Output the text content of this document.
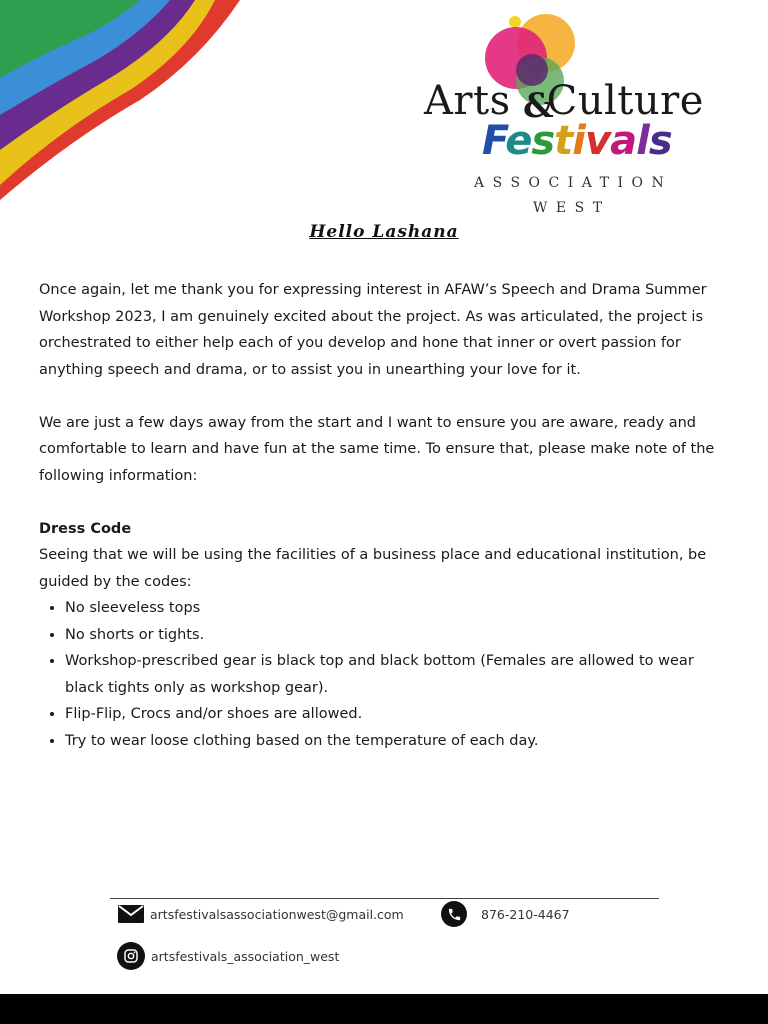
Arts Culture
&
Festivals
ASSOCIATION
WEST
Hello Lashana

Once again, let me thank you for expressing interest in AFAW’s Speech and Drama Summer Workshop 2023, I am genuinely excited about the project. As was articulated, the project is orchestrated to either help each of you develop and hone that inner or overt passion for anything speech and drama, or to assist you in unearthing your love for it.

We are just a few days away from the start and I want to ensure you are aware, ready and comfortable to learn and have fun at the same time. To ensure that, please make note of the following information:

Dress Code
Seeing that we will be using the facilities of a business place and educational institution, be guided by the codes:
• No sleeveless tops
• No shorts or tights.
• Workshop-prescribed gear is black top and black bottom (Females are allowed to wear black tights only as workshop gear).
• Flip-Flip, Crocs and/or shoes are allowed.
• Try to wear loose clothing based on the temperature of each day.
artsfestivalsassociationwest@gmail.com	876-210-4467
artsfestivals_association_west
